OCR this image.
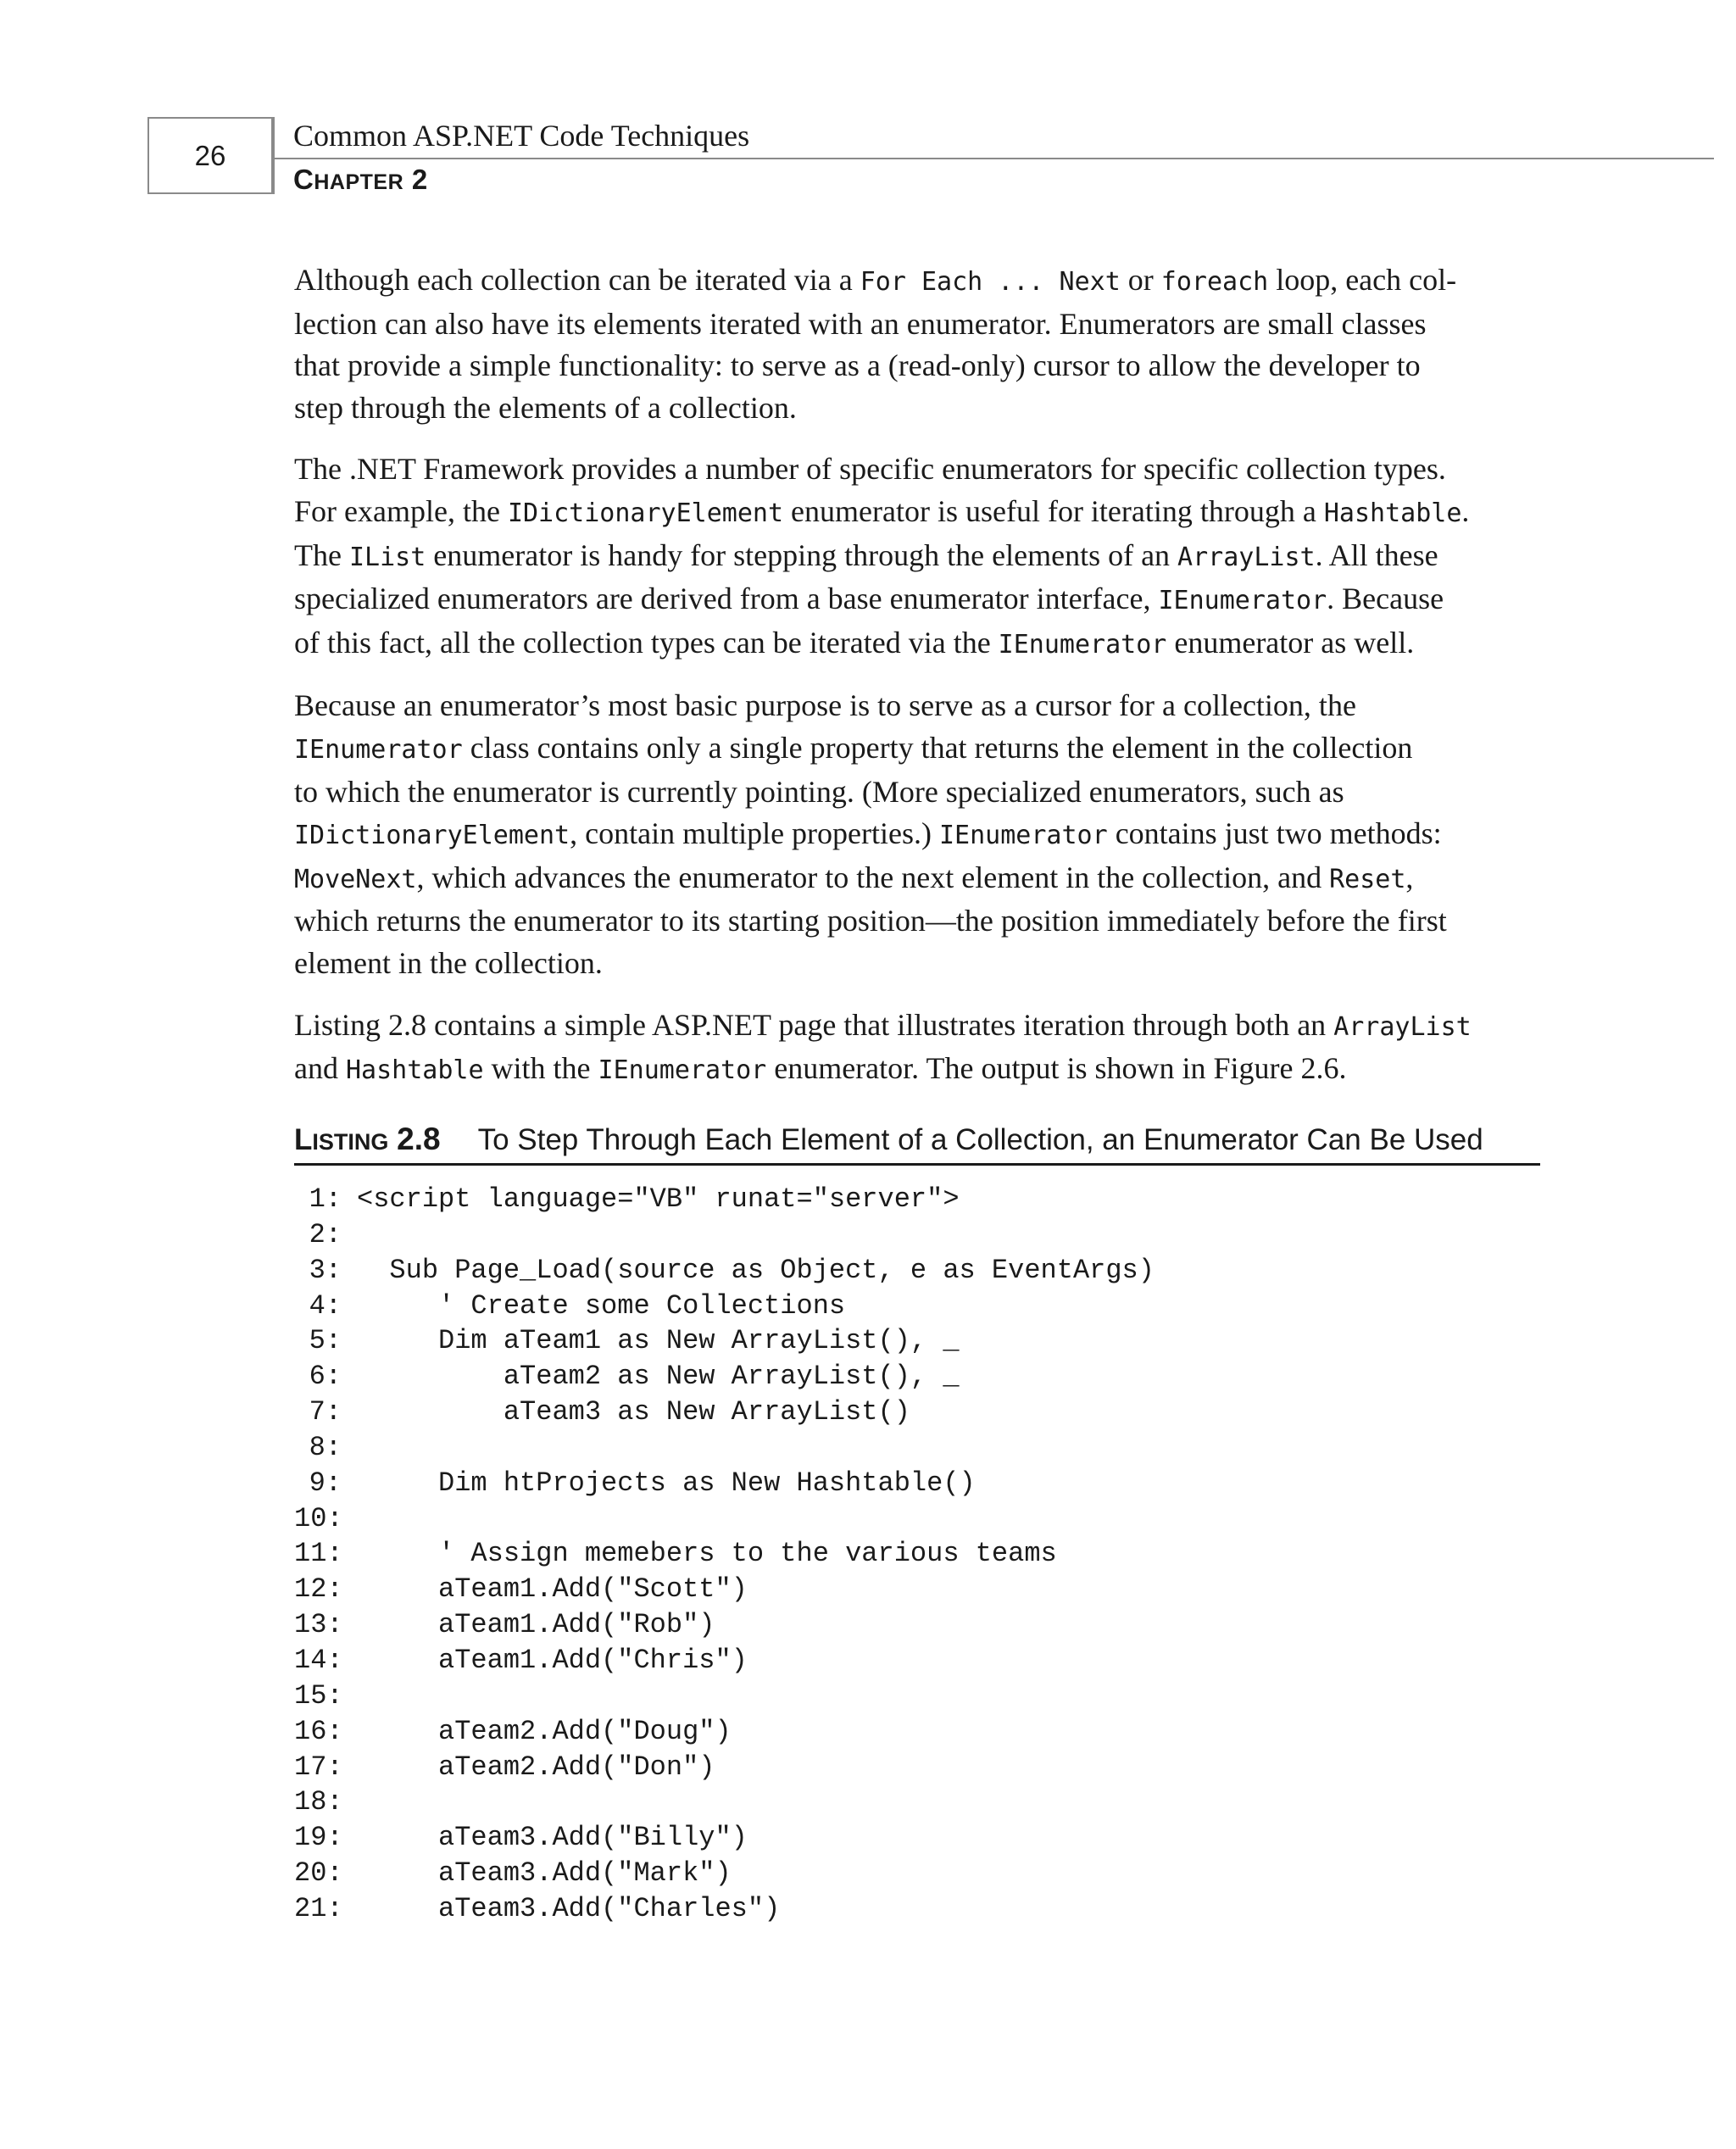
26
Common ASP.NET Code Techniques
CHAPTER 2

Although each collection can be iterated via a For Each ... Next or foreach loop, each col-
lection can also have its elements iterated with an enumerator. Enumerators are small classes
that provide a simple functionality: to serve as a (read-only) cursor to allow the developer to
step through the elements of a collection.

The .NET Framework provides a number of specific enumerators for specific collection types.
For example, the IDictionaryElement enumerator is useful for iterating through a Hashtable.
The IList enumerator is handy for stepping through the elements of an ArrayList. All these
specialized enumerators are derived from a base enumerator interface, IEnumerator. Because
of this fact, all the collection types can be iterated via the IEnumerator enumerator as well.

Because an enumerator’s most basic purpose is to serve as a cursor for a collection, the
IEnumerator class contains only a single property that returns the element in the collection
to which the enumerator is currently pointing. (More specialized enumerators, such as
IDictionaryElement, contain multiple properties.) IEnumerator contains just two methods:
MoveNext, which advances the enumerator to the next element in the collection, and Reset,
which returns the enumerator to its starting position—the position immediately before the first
element in the collection.

Listing 2.8 contains a simple ASP.NET page that illustrates iteration through both an ArrayList
and Hashtable with the IEnumerator enumerator. The output is shown in Figure 2.6.

LISTING 2.8 To Step Through Each Element of a Collection, an Enumerator Can Be Used
1: <script language="VB" runat="server">
2:
3:  Sub Page_Load(source as Object, e as EventArgs)
4:     ' Create some Collections
5:     Dim aTeam1 as New ArrayList(), _
6:         aTeam2 as New ArrayList(), _
7:         aTeam3 as New ArrayList()
8:
9:     Dim htProjects as New Hashtable()
10:
11:     ' Assign memebers to the various teams
12:     aTeam1.Add("Scott")
13:     aTeam1.Add("Rob")
14:     aTeam1.Add("Chris")
15:
16:     aTeam2.Add("Doug")
17:     aTeam2.Add("Don")
18:
19:     aTeam3.Add("Billy")
20:     aTeam3.Add("Mark")
21:     aTeam3.Add("Charles")
